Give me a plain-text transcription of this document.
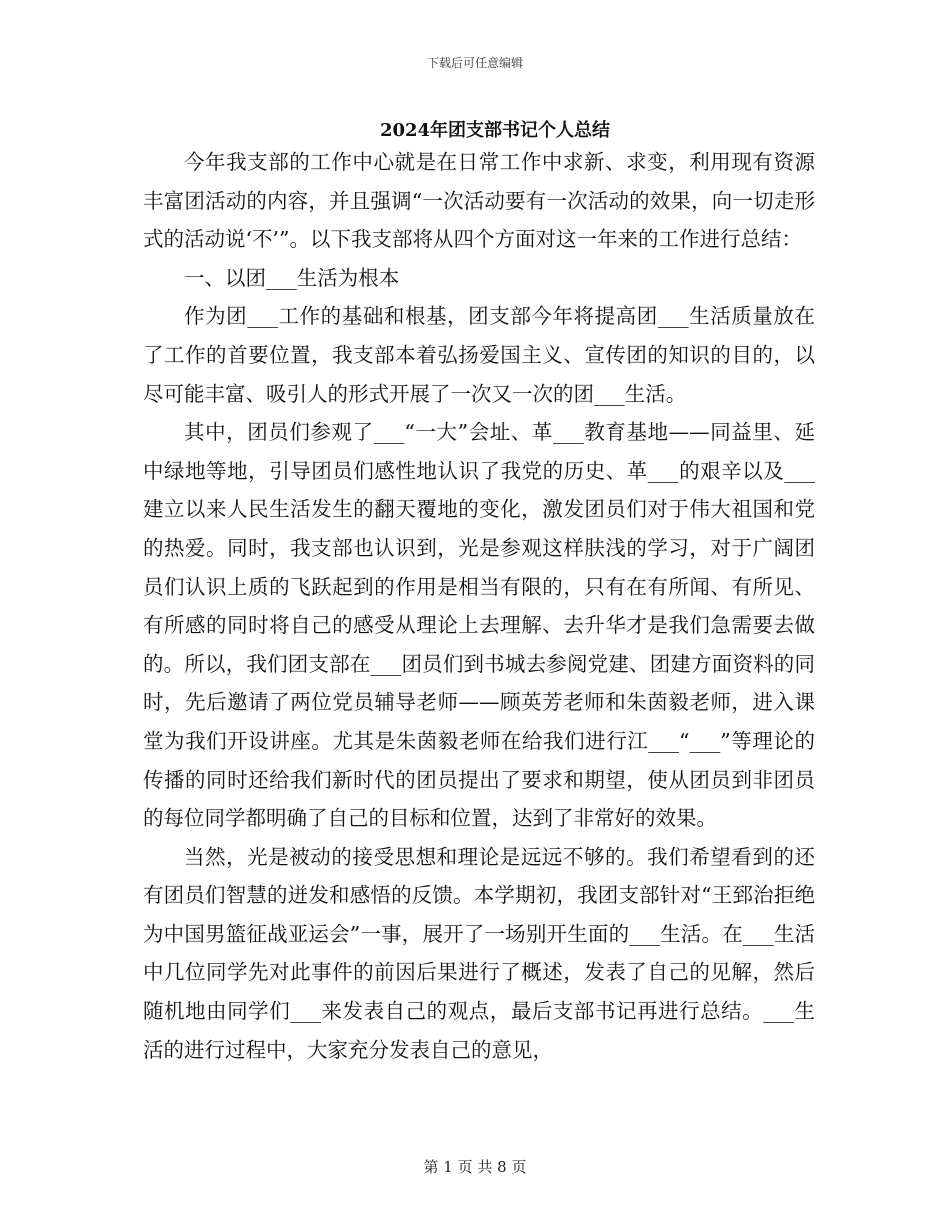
下载后可任意编辑
2024年团支部书记个人总结

今年我支部的工作中心就是在日常工作中求新、求变，利用现有资源丰富团活动的内容，并且强调“一次活动要有一次活动的效果，向一切走形式的活动说‘不’”。以下我支部将从四个方面对这一年来的工作进行总结：

一、以团___生活为根本

作为团___工作的基础和根基，团支部今年将提高团___生活质量放在了工作的首要位置，我支部本着弘扬爱国主义、宣传团的知识的目的，以尽可能丰富、吸引人的形式开展了一次又一次的团___生活。

其中，团员们参观了___“一大”会址、革___教育基地——同益里、延中绿地等地，引导团员们感性地认识了我党的历史、革___的艰辛以及___建立以来人民生活发生的翻天覆地的变化，激发团员们对于伟大祖国和党的热爱。同时，我支部也认识到，光是参观这样肤浅的学习，对于广阔团员们认识上质的飞跃起到的作用是相当有限的，只有在有所闻、有所见、有所感的同时将自己的感受从理论上去理解、去升华才是我们急需要去做的。所以，我们团支部在___团员们到书城去参阅党建、团建方面资料的同时，先后邀请了两位党员辅导老师——顾英芳老师和朱茵毅老师，进入课堂为我们开设讲座。尤其是朱茵毅老师在给我们进行江___“___”等理论的传播的同时还给我们新时代的团员提出了要求和期望，使从团员到非团员的每位同学都明确了自己的目标和位置，达到了非常好的效果。

当然，光是被动的接受思想和理论是远远不够的。我们希望看到的还有团员们智慧的迸发和感悟的反馈。本学期初，我团支部针对“王郅治拒绝为中国男篮征战亚运会”一事，展开了一场别开生面的___生活。在___生活中几位同学先对此事件的前因后果进行了概述，发表了自己的见解，然后随机地由同学们___来发表自己的观点，最后支部书记再进行总结。___生活的进行过程中，大家充分发表自己的意见，

第 1 页 共 8 页
